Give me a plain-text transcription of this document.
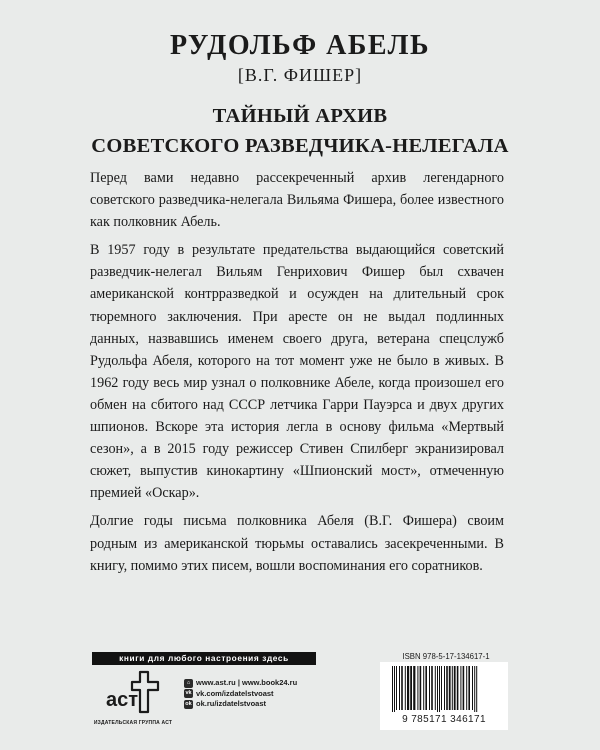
РУДОЛЬФ АБЕЛЬ
[В.Г. ФИШЕР]
ТАЙНЫЙ АРХИВ
СОВЕТСКОГО РАЗВЕДЧИКА-НЕЛЕГАЛА

Перед вами недавно рассекреченный архив легендарного советского разведчика-нелегала Вильяма Фишера, более известного как полковник Абель.

В 1957 году в результате предательства выдающийся советский разведчик-нелегал Вильям Генрихович Фишер был схвачен американской контрразведкой и осужден на длительный срок тюремного заключения. При аресте он не выдал подлинных данных, назвавшись именем своего друга, ветерана спецслужб Рудольфа Абеля, которого на тот момент уже не было в живых. В 1962 году весь мир узнал о полковнике Абеле, когда произошел его обмен на сбитого над СССР летчика Гарри Пауэрса и двух других шпионов. Вскоре эта история легла в основу фильма «Мертвый сезон», а в 2015 году режиссер Стивен Спилберг экранизировал сюжет, выпустив кинокартину «Шпионский мост», отмеченную премией «Оскар».

Долгие годы письма полковника Абеля (В.Г. Фишера) своим родным из американской тюрьмы оставались засекреченными. В книгу, помимо этих писем, вошли воспоминания его соратников.

книги для любого настроения здесь
аст
ИЗДАТЕЛЬСКАЯ ГРУППА АСТ
⌂ www.ast.ru | www.book24.ru
vk vk.com/izdatelstvoast
ok ok.ru/izdatelstvoast
ISBN 978-5-17-134617-1
9 785171 346171
